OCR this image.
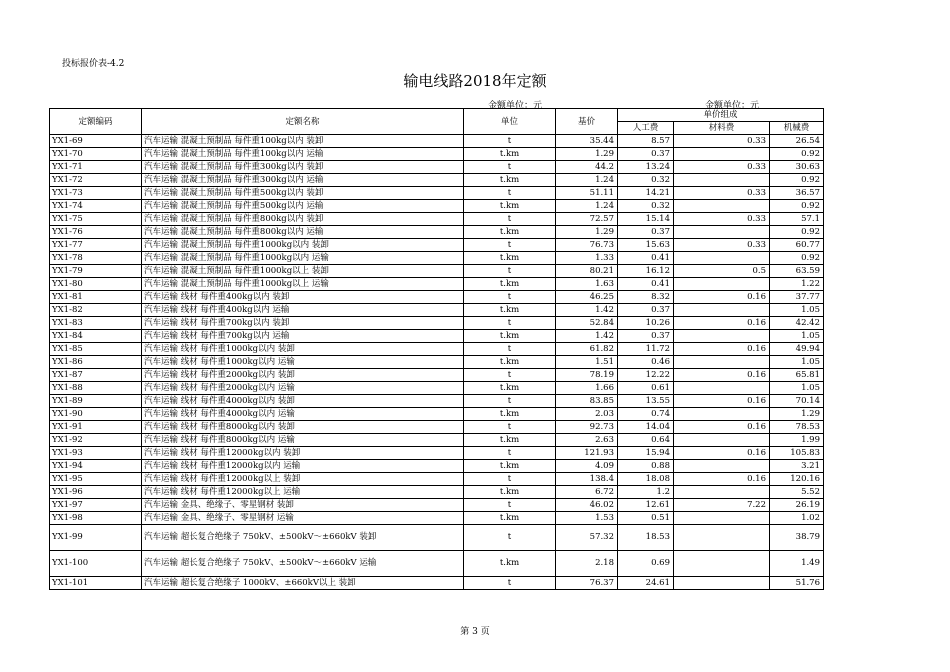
投标报价表-4.2
输电线路2018年定额
金额单位：元	金额单位：元
定额编码	定额名称	单位	基价	单价组成		
				人工费	材料费	机械费
YX1-69	汽车运输 混凝土预制品 每件重100kg以内 装卸	t	35.44	8.57	0.33	26.54
YX1-70	汽车运输 混凝土预制品 每件重100kg以内 运输	t.km	1.29	0.37		0.92
YX1-71	汽车运输 混凝土预制品 每件重300kg以内 装卸	t	44.2	13.24	0.33	30.63
YX1-72	汽车运输 混凝土预制品 每件重300kg以内 运输	t.km	1.24	0.32		0.92
YX1-73	汽车运输 混凝土预制品 每件重500kg以内 装卸	t	51.11	14.21	0.33	36.57
YX1-74	汽车运输 混凝土预制品 每件重500kg以内 运输	t.km	1.24	0.32		0.92
YX1-75	汽车运输 混凝土预制品 每件重800kg以内 装卸	t	72.57	15.14	0.33	57.1
YX1-76	汽车运输 混凝土预制品 每件重800kg以内 运输	t.km	1.29	0.37		0.92
YX1-77	汽车运输 混凝土预制品 每件重1000kg以内 装卸	t	76.73	15.63	0.33	60.77
YX1-78	汽车运输 混凝土预制品 每件重1000kg以内 运输	t.km	1.33	0.41		0.92
YX1-79	汽车运输 混凝土预制品 每件重1000kg以上 装卸	t	80.21	16.12	0.5	63.59
YX1-80	汽车运输 混凝土预制品 每件重1000kg以上 运输	t.km	1.63	0.41		1.22
YX1-81	汽车运输 线材 每件重400kg以内 装卸	t	46.25	8.32	0.16	37.77
YX1-82	汽车运输 线材 每件重400kg以内 运输	t.km	1.42	0.37		1.05
YX1-83	汽车运输 线材 每件重700kg以内 装卸	t	52.84	10.26	0.16	42.42
YX1-84	汽车运输 线材 每件重700kg以内 运输	t.km	1.42	0.37		1.05
YX1-85	汽车运输 线材 每件重1000kg以内 装卸	t	61.82	11.72	0.16	49.94
YX1-86	汽车运输 线材 每件重1000kg以内 运输	t.km	1.51	0.46		1.05
YX1-87	汽车运输 线材 每件重2000kg以内 装卸	t	78.19	12.22	0.16	65.81
YX1-88	汽车运输 线材 每件重2000kg以内 运输	t.km	1.66	0.61		1.05
YX1-89	汽车运输 线材 每件重4000kg以内 装卸	t	83.85	13.55	0.16	70.14
YX1-90	汽车运输 线材 每件重4000kg以内 运输	t.km	2.03	0.74		1.29
YX1-91	汽车运输 线材 每件重8000kg以内 装卸	t	92.73	14.04	0.16	78.53
YX1-92	汽车运输 线材 每件重8000kg以内 运输	t.km	2.63	0.64		1.99
YX1-93	汽车运输 线材 每件重12000kg以内 装卸	t	121.93	15.94	0.16	105.83
YX1-94	汽车运输 线材 每件重12000kg以内 运输	t.km	4.09	0.88		3.21
YX1-95	汽车运输 线材 每件重12000kg以上 装卸	t	138.4	18.08	0.16	120.16
YX1-96	汽车运输 线材 每件重12000kg以上 运输	t.km	6.72	1.2		5.52
YX1-97	汽车运输 金具、绝缘子、零星钢材 装卸	t	46.02	12.61	7.22	26.19
YX1-98	汽车运输 金具、绝缘子、零星钢材 运输	t.km	1.53	0.51		1.02
YX1-99	汽车运输 超长复合绝缘子 750kV、±500kV～±660kV 装卸	t	57.32	18.53		38.79
YX1-100	汽车运输 超长复合绝缘子 750kV、±500kV～±660kV 运输	t.km	2.18	0.69		1.49
YX1-101	汽车运输 超长复合绝缘子 1000kV、±660kV以上 装卸	t	76.37	24.61		51.76
第 3 页
